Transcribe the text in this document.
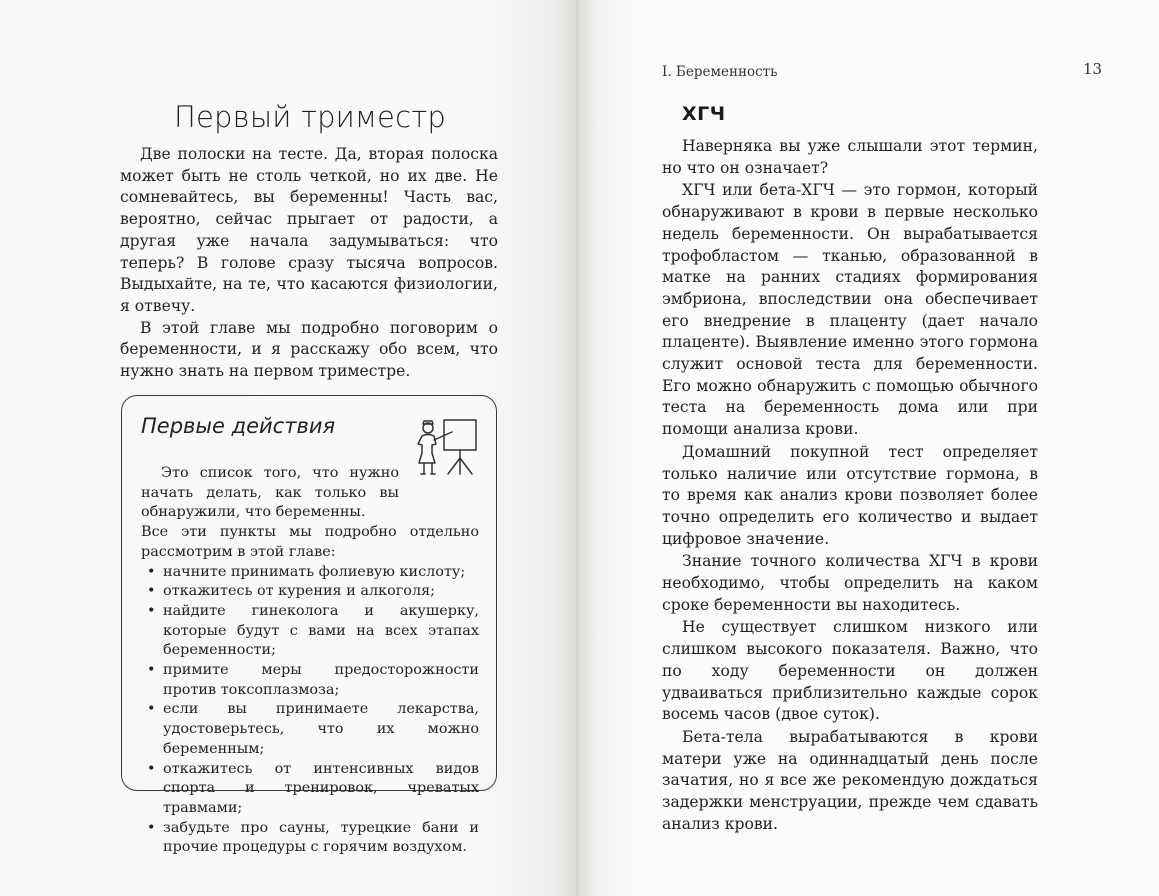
Первый триместр

Две полоски на тесте. Да, вторая полоска может быть не столь четкой, но их две. Не сомневайтесь, вы беременны! Часть вас, вероятно, сейчас прыгает от радости, а другая уже начала задумываться: что теперь? В голове сразу тысяча вопросов. Выдыхайте, на те, что касаются физиологии, я отвечу.

В этой главе мы подробно поговорим о беременности, и я расскажу обо всем, что нужно знать на первом триместре.

Первые действия

Это список того, что нужно начать делать, как только вы обнаружили, что беременны.

Все эти пункты мы подробно отдельно рассмотрим в этой главе:

• начните принимать фолиевую кислоту;
• откажитесь от курения и алкоголя;
• найдите гинеколога и акушерку, которые будут с вами на всех этапах беременности;
• примите меры предосторожности против токсоплазмоза;
• если вы принимаете лекарства, удостоверьтесь, что их можно беременным;
• откажитесь от интенсивных видов спорта и тренировок, чреватых травмами;
• забудьте про сауны, турецкие бани и прочие процедуры с горячим воздухом.
I. Беременность	13
ХГЧ

Наверняка вы уже слышали этот термин, но что он означает?

ХГЧ или бета-ХГЧ — это гормон, который обнаруживают в крови в первые несколько недель беременности. Он вырабатывается трофобластом — тканью, образованной в матке на ранних стадиях формирования эмбриона, впоследствии она обеспечивает его внедрение в плаценту (дает начало плаценте). Выявление именно этого гормона служит основой теста для беременности. Его можно обнаружить с помощью обычного теста на беременность дома или при помощи анализа крови.

Домашний покупной тест определяет только наличие или отсутствие гормона, в то время как анализ крови позволяет более точно определить его количество и выдает цифровое значение.

Знание точного количества ХГЧ в крови необходимо, чтобы определить на каком сроке беременности вы находитесь.

Не существует слишком низкого или слишком высокого показателя. Важно, что по ходу беременности он должен удваиваться приблизительно каждые сорок восемь часов (двое суток).

Бета-тела вырабатываются в крови матери уже на одиннадцатый день после зачатия, но я все же рекомендую дождаться задержки менструации, прежде чем сдавать анализ крови.
